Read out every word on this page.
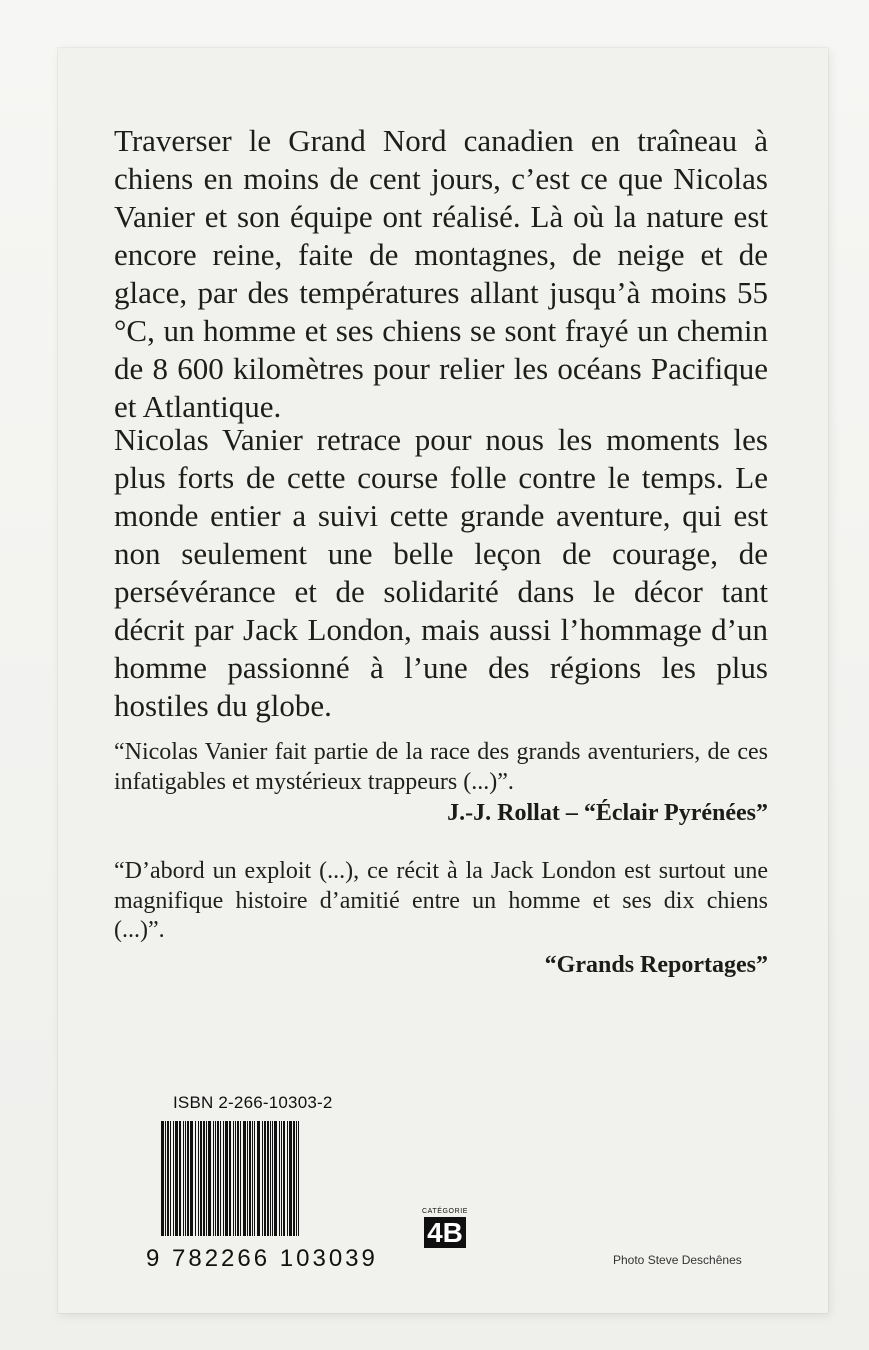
Traverser le Grand Nord canadien en traîneau à chiens en moins de cent jours, c’est ce que Nicolas Vanier et son équipe ont réalisé. Là où la nature est encore reine, faite de montagnes, de neige et de glace, par des températures allant jusqu’à moins 55 °C, un homme et ses chiens se sont frayé un chemin de 8 600 kilomètres pour relier les océans Pacifique et Atlantique.
Nicolas Vanier retrace pour nous les moments les plus forts de cette course folle contre le temps. Le monde entier a suivi cette grande aventure, qui est non seulement une belle leçon de courage, de persévérance et de solidarité dans le décor tant décrit par Jack London, mais aussi l’hommage d’un homme passionné à l’une des régions les plus hostiles du globe.
“Nicolas Vanier fait partie de la race des grands aventuriers, de ces infatigables et mystérieux trappeurs (...)”.
J.-J. Rollat – “Éclair Pyrénées”
“D’abord un exploit (...), ce récit à la Jack London est surtout une magnifique histoire d’amitié entre un homme et ses dix chiens (...)”.
“Grands Reportages”
ISBN 2-266-10303-2
9 782266 103039
CATÉGORIE
4B
Photo Steve Deschênes
